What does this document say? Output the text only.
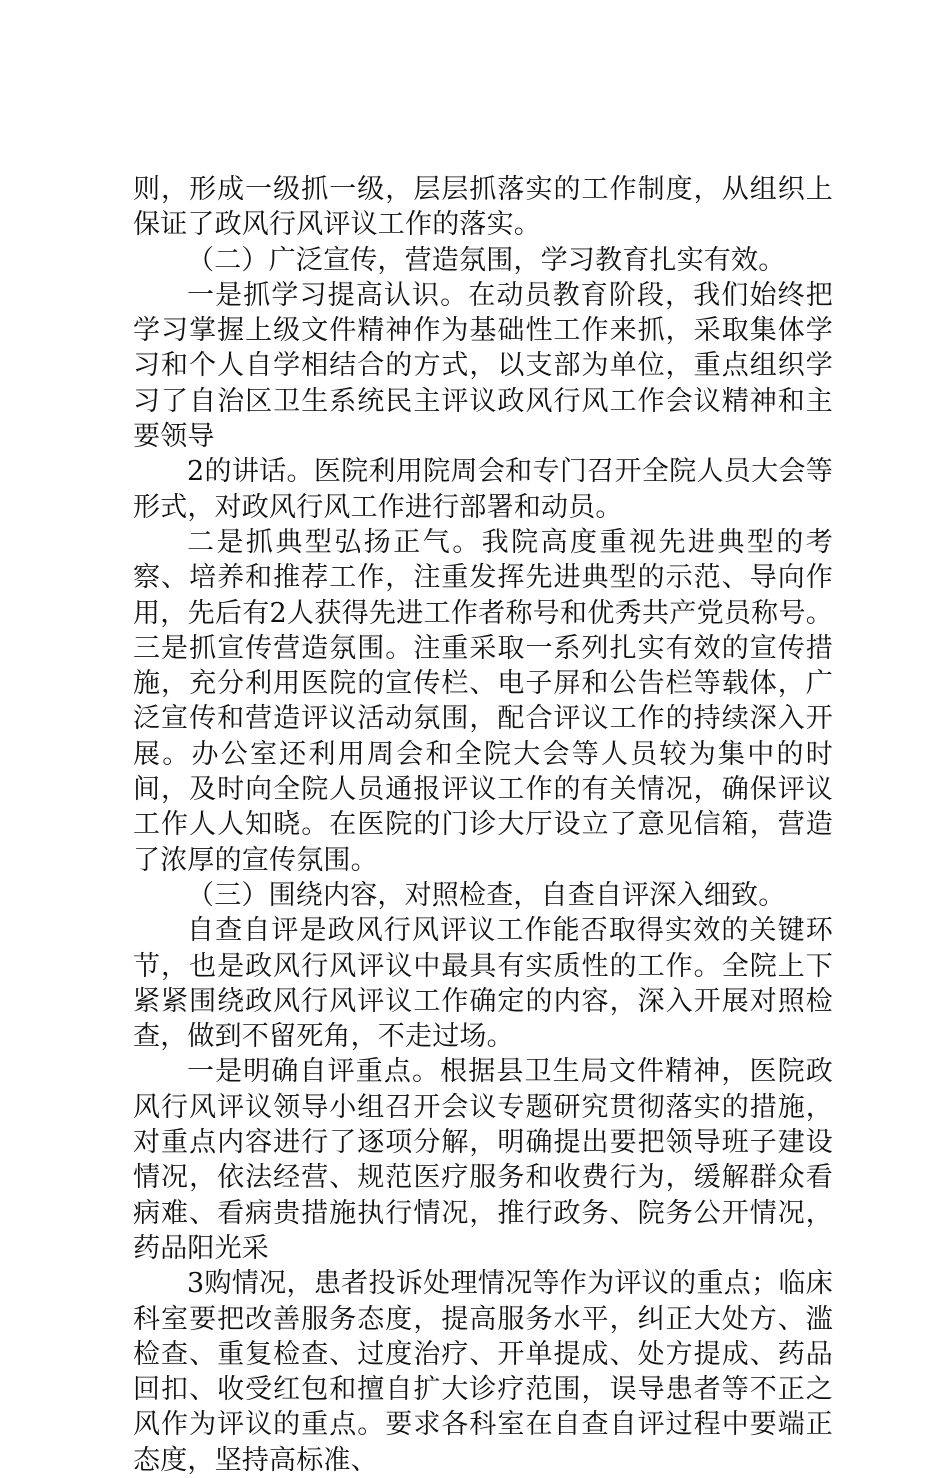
则，形成一级抓一级，层层抓落实的工作制度，从组织上保证了政风行风评议工作的落实。

（二）广泛宣传，营造氛围，学习教育扎实有效。

一是抓学习提高认识。在动员教育阶段，我们始终把学习掌握上级文件精神作为基础性工作来抓，采取集体学习和个人自学相结合的方式，以支部为单位，重点组织学习了自治区卫生系统民主评议政风行风工作会议精神和主要领导

2的讲话。医院利用院周会和专门召开全院人员大会等形式，对政风行风工作进行部署和动员。

二是抓典型弘扬正气。我院高度重视先进典型的考察、培养和推荐工作，注重发挥先进典型的示范、导向作用，先后有2人获得先进工作者称号和优秀共产党员称号。三是抓宣传营造氛围。注重采取一系列扎实有效的宣传措施，充分利用医院的宣传栏、电子屏和公告栏等载体，广泛宣传和营造评议活动氛围，配合评议工作的持续深入开展。办公室还利用周会和全院大会等人员较为集中的时间，及时向全院人员通报评议工作的有关情况，确保评议工作人人知晓。在医院的门诊大厅设立了意见信箱，营造了浓厚的宣传氛围。

（三）围绕内容，对照检查，自查自评深入细致。

自查自评是政风行风评议工作能否取得实效的关键环节，也是政风行风评议中最具有实质性的工作。全院上下紧紧围绕政风行风评议工作确定的内容，深入开展对照检查，做到不留死角，不走过场。

一是明确自评重点。根据县卫生局文件精神，医院政风行风评议领导小组召开会议专题研究贯彻落实的措施，对重点内容进行了逐项分解，明确提出要把领导班子建设情况，依法经营、规范医疗服务和收费行为，缓解群众看病难、看病贵措施执行情况，推行政务、院务公开情况，药品阳光采

3购情况，患者投诉处理情况等作为评议的重点；临床科室要把改善服务态度，提高服务水平，纠正大处方、滥检查、重复检查、过度治疗、开单提成、处方提成、药品回扣、收受红包和擅自扩大诊疗范围，误导患者等不正之风作为评议的重点。要求各科室在自查自评过程中要端正态度，坚持高标准、
